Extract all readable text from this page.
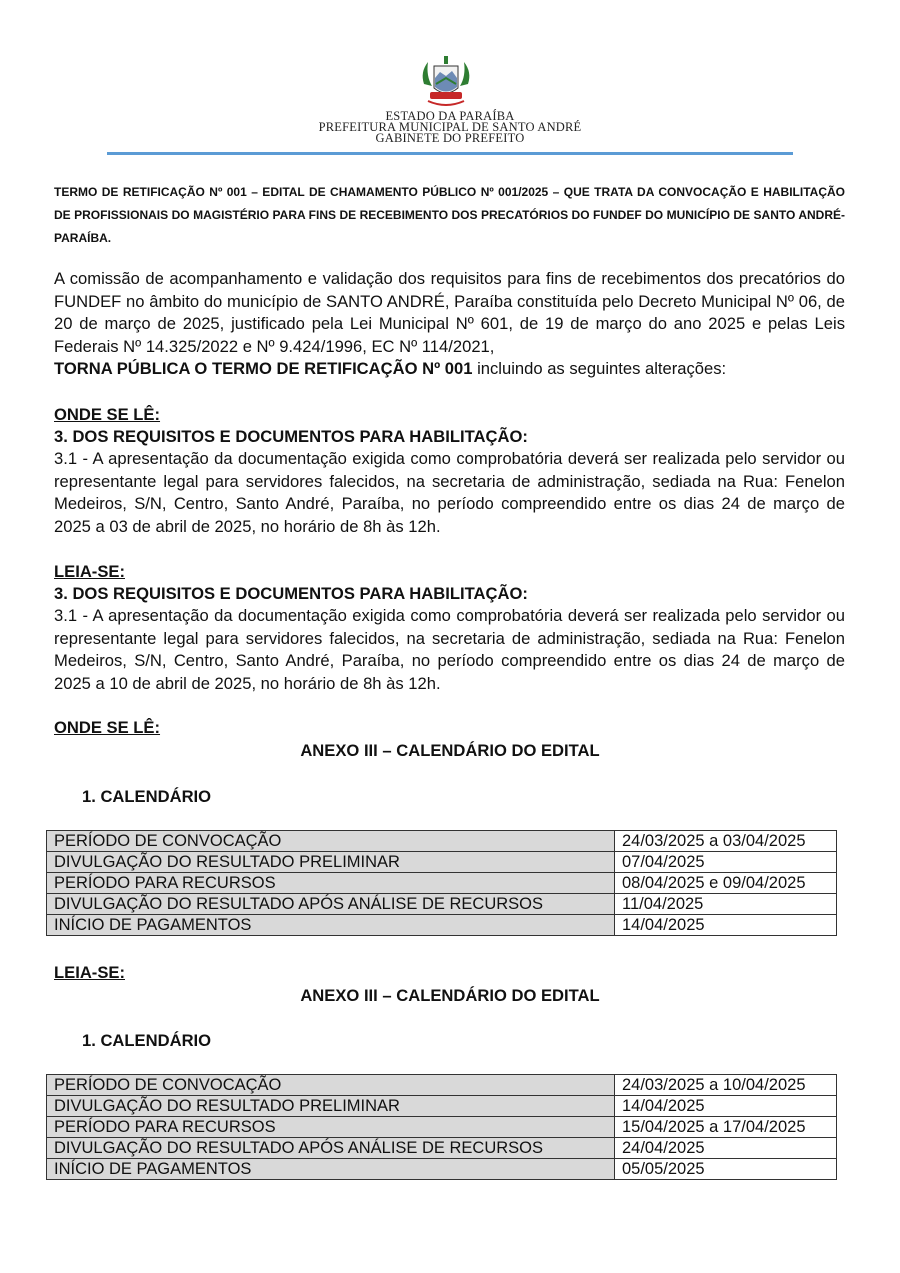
ESTADO DA PARAÍBA
PREFEITURA MUNICIPAL DE SANTO ANDRÉ
GABINETE DO PREFEITO
TERMO DE RETIFICAÇÃO Nº 001 – EDITAL DE CHAMAMENTO PÚBLICO Nº 001/2025 – QUE TRATA DA CONVOCAÇÃO E HABILITAÇÃO DE PROFISSIONAIS DO MAGISTÉRIO PARA FINS DE RECEBIMENTO DOS PRECATÓRIOS DO FUNDEF DO MUNICÍPIO DE SANTO ANDRÉ- PARAÍBA.
A comissão de acompanhamento e validação dos requisitos para fins de recebimentos dos precatórios do FUNDEF no âmbito do município de SANTO ANDRÉ, Paraíba constituída pelo Decreto Municipal Nº 06, de 20 de março de 2025, justificado pela Lei Municipal Nº 601, de 19 de março do ano 2025 e pelas Leis Federais Nº 14.325/2022 e Nº 9.424/1996, EC Nº 114/2021,
TORNA PÚBLICA O TERMO DE RETIFICAÇÃO Nº 001 incluindo as seguintes alterações:
ONDE SE LÊ:
3. DOS REQUISITOS E DOCUMENTOS PARA HABILITAÇÃO:
3.1 - A apresentação da documentação exigida como comprobatória deverá ser realizada pelo servidor ou representante legal para servidores falecidos, na secretaria de administração, sediada na Rua: Fenelon Medeiros, S/N, Centro, Santo André, Paraíba, no período compreendido entre os dias 24 de março de 2025 a 03 de abril de 2025, no horário de 8h às 12h.
LEIA-SE:
3. DOS REQUISITOS E DOCUMENTOS PARA HABILITAÇÃO:
3.1 - A apresentação da documentação exigida como comprobatória deverá ser realizada pelo servidor ou representante legal para servidores falecidos, na secretaria de administração, sediada na Rua: Fenelon Medeiros, S/N, Centro, Santo André, Paraíba, no período compreendido entre os dias 24 de março de 2025 a 10 de abril de 2025, no horário de 8h às 12h.
ONDE SE LÊ:
ANEXO III – CALENDÁRIO DO EDITAL
1. CALENDÁRIO
PERÍODO DE CONVOCAÇÃO	24/03/2025 a 03/04/2025
DIVULGAÇÃO DO RESULTADO PRELIMINAR	07/04/2025
PERÍODO PARA RECURSOS	08/04/2025 e 09/04/2025
DIVULGAÇÃO DO RESULTADO APÓS ANÁLISE DE RECURSOS	11/04/2025
INÍCIO DE PAGAMENTOS	14/04/2025
LEIA-SE:
ANEXO III – CALENDÁRIO DO EDITAL
1. CALENDÁRIO
PERÍODO DE CONVOCAÇÃO	24/03/2025 a 10/04/2025
DIVULGAÇÃO DO RESULTADO PRELIMINAR	14/04/2025
PERÍODO PARA RECURSOS	15/04/2025 a 17/04/2025
DIVULGAÇÃO DO RESULTADO APÓS ANÁLISE DE RECURSOS	24/04/2025
INÍCIO DE PAGAMENTOS	05/05/2025
